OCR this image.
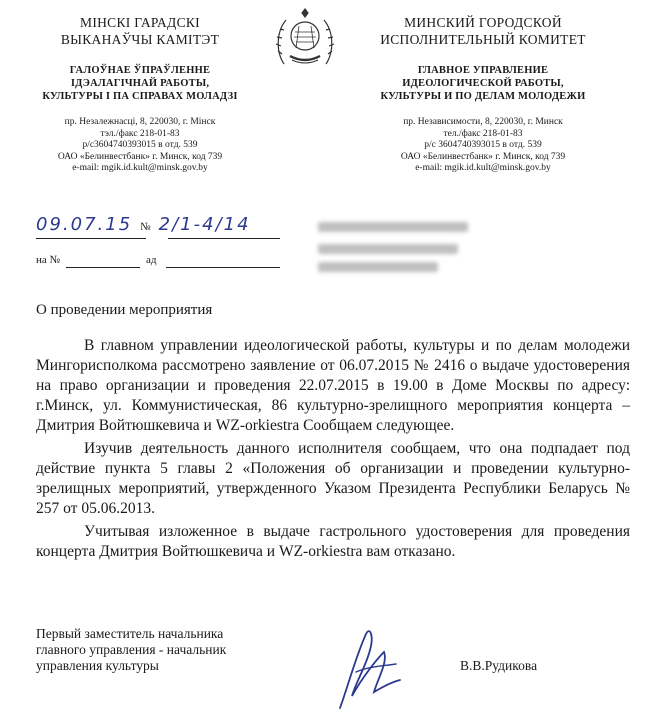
МІНСКІ ГАРАДСКІ
ВЫКАНАЎЧЫ КАМІТЭТ
ГАЛОЎНАЕ ЎПРАЎЛЕННЕ
ІДЭАЛАГІЧНАЙ РАБОТЫ,
КУЛЬТУРЫ І ПА СПРАВАХ МОЛАДЗІ
пр. Незалежнасці, 8, 220030, г. Мінск
тэл./факс 218-01-83
р/с3604740393015 в отд. 539
ОАО «Белинвестбанк» г. Минск, код 739
e-mail: mgik.id.kult@minsk.gov.by
МИНСКИЙ ГОРОДСКОЙ
ИСПОЛНИТЕЛЬНЫЙ КОМИТЕТ
ГЛАВНОЕ УПРАВЛЕНИЕ
ИДЕОЛОГИЧЕСКОЙ РАБОТЫ,
КУЛЬТУРЫ И ПО ДЕЛАМ МОЛОДЕЖИ
пр. Независимости, 8, 220030, г. Минск
тел./факс 218-01-83
р/с 3604740393015 в отд. 539
ОАО «Белинвестбанк» г. Минск, код 739
e-mail: mgik.id.kult@minsk.gov.by
09.07.15 № 2/1-4/14
на №	ад
О проведении мероприятия

В главном управлении идеологической работы, культуры и по делам молодежи Мингорисполкома рассмотрено заявление от 06.07.2015 № 2416 о выдаче удостоверения на право организации и проведения 22.07.2015 в 19.00 в Доме Москвы по адресу: г.Минск, ул. Коммунистическая, 86 культурно-зрелищного мероприятия концерта – Дмитрия Войтюшкевича и WZ-orkiestra Сообщаем следующее.

Изучив деятельность данного исполнителя сообщаем, что она подпадает под действие пункта 5 главы 2 «Положения об организации и проведении культурно-зрелищных мероприятий, утвержденного Указом Президента Республики Беларусь № 257 от 05.06.2013.

Учитывая изложенное в выдаче гастрольного удостоверения для проведения концерта Дмитрия Войтюшкевича и WZ-orkiestra вам отказано.

Первый заместитель начальника
главного управления - начальник
управления культуры	В.В.Рудикова
